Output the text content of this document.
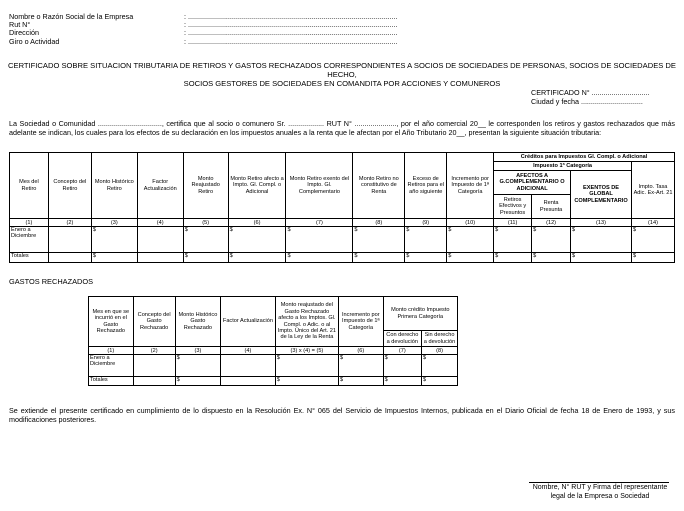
Nombre o Razón Social de la Empresa	: .........................................................................................................
Rut N°	: .........................................................................................................
Dirección	: .........................................................................................................
Giro o Actividad	: .........................................................................................................
CERTIFICADO SOBRE SITUACION TRIBUTARIA DE RETIROS Y GASTOS RECHAZADOS CORRESPONDIENTES A SOCIOS DE SOCIEDADES DE PERSONAS, SOCIOS DE SOCIEDADES DE HECHO,
SOCIOS GESTORES DE SOCIEDADES EN COMANDITA POR ACCIONES Y COMUNEROS
CERTIFICADO N° .............................
Ciudad y fecha ...............................
La Sociedad o Comunidad ................................, certifica que al socio o comunero Sr. .................. RUT N° ....................., por el año comercial 20__ le corresponden los retiros y gastos rechazados que más adelante se indican, los cuales para los efectos de su declaración en los impuestos anuales a la renta que le afectan por el Año Tributario 20__, presentan la siguiente situación tributaria:
Mes del Retiro	Concepto del Retiro	Monto Histórico Retiro	Factor Actualización	Monto Reajustado Retiro	Monto Retiro afecto a Impto. Gl. Compl. o Adicional	Monto Retiro exento del Impto. Gl. Complementario	Monto Retiro no constitutivo de Renta	Exceso de Retiros para el año siguiente	Incremento por Impuesto de 1ª Categoría	Créditos para Impuestos Gl. Compl. o Adicional			
										Impuesto 1ª Categoría			Impto. Tasa Adic. Ex-Art. 21

										AFECTOS A G.COMPLEMENTARIO O ADICIONAL		EXENTOS DE GLOBAL COMPLEMENTARIO	

										Retiros Efectivos y Presuntos	Renta Presunta		

(1)	(2)	(3)	(4)	(5)	(6)	(7)	(8)	(9)	(10)	(11)	(12)	(13)	(14)
Enero a Diciembre		$		$	$	$	$	$	$	$	$	$	$
Totales		$		$	$	$	$	$	$	$	$	$	$
GASTOS RECHAZADOS
Mes en que se incurrió en el Gasto Rechazado	Concepto del Gasto Rechazado	Monto Histórico Gasto Rechazado	Factor Actualización	Monto reajustado del Gasto Rechazado afecto a los Imptos. Gl. Compl. o Adic. o al Impto. Único del Art. 21 de la Ley de la Renta	Incremento por Impuesto de 1ª Categoría	Monto crédito Impuesto Primera Categoría	

						Con derecho a devolución	Sin derecho a devolución

(1)	(2)	(3)	(4)	(3) x (4) = (5)	(6)	(7)	(8)
Enero a Diciembre		$		$	$	$	$
Totales		$		$	$	$	$
Se extiende el presente certificado en cumplimiento de lo dispuesto en la Resolución Ex. N° 065 del Servicio de Impuestos Internos, publicada en el Diario Oficial de fecha 18 de Enero de 1993, y sus modificaciones posteriores.
Nombre, N° RUT y Firma del representante
legal de la Empresa o Sociedad
